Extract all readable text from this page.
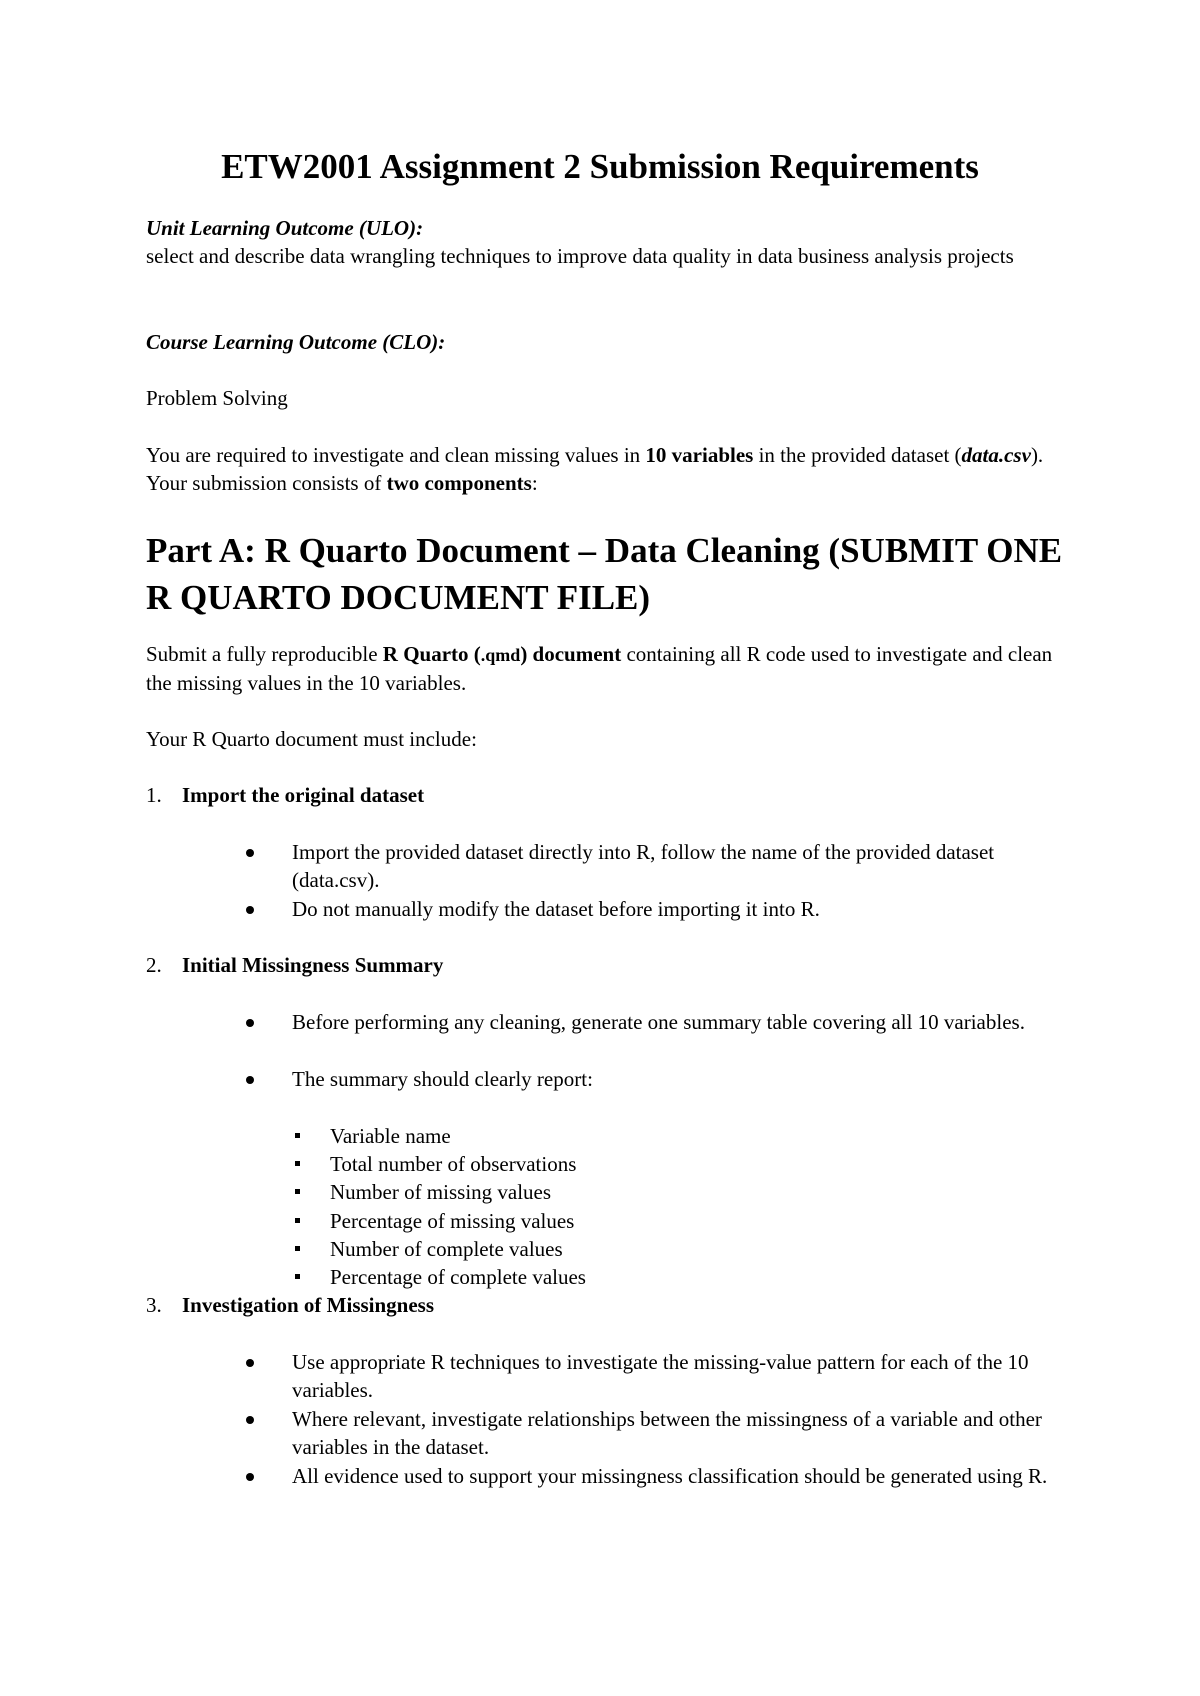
ETW2001 Assignment 2 Submission Requirements
Unit Learning Outcome (ULO):
select and describe data wrangling techniques to improve data quality in data business analysis projects
Course Learning Outcome (CLO):
Problem Solving
You are required to investigate and clean missing values in 10 variables in the provided dataset (data.csv). Your submission consists of two components:
Part A: R Quarto Document – Data Cleaning (SUBMIT ONE R QUARTO DOCUMENT FILE)
Submit a fully reproducible R Quarto (.qmd) document containing all R code used to investigate and clean the missing values in the 10 variables.
Your R Quarto document must include:
1. Import the original dataset
Import the provided dataset directly into R, follow the name of the provided dataset (data.csv).
Do not manually modify the dataset before importing it into R.
2. Initial Missingness Summary
Before performing any cleaning, generate one summary table covering all 10 variables.
The summary should clearly report:
Variable name
Total number of observations
Number of missing values
Percentage of missing values
Number of complete values
Percentage of complete values
3. Investigation of Missingness
Use appropriate R techniques to investigate the missing-value pattern for each of the 10 variables.
Where relevant, investigate relationships between the missingness of a variable and other variables in the dataset.
All evidence used to support your missingness classification should be generated using R.
